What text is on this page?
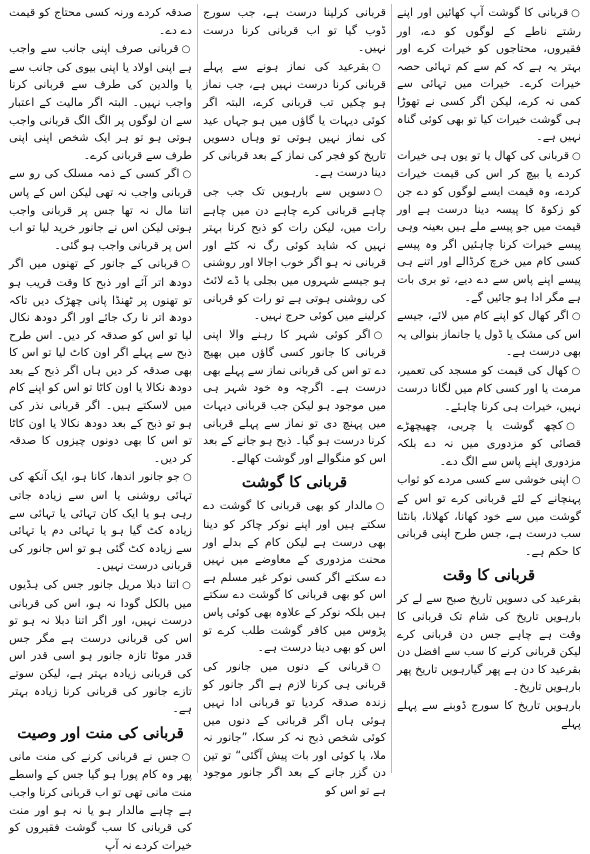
○قربانی کا گوشت آپ کھائیں اور اپنے رشتے ناطے کے لوگوں کو دے، اور فقیروں، محتاجوں کو خیرات کرے اور بہتر یہ ہے کہ کم سے کم تہائی حصہ خیرات کرے۔ خیرات میں تہائی سے کمی نہ کرے، لیکن اگر کسی نے تھوڑا ہی گوشت خیرات کیا تو بھی کوئی گناہ نہیں ہے۔

○قربانی کی کھال یا تو یوں ہی خیرات کردے یا بیچ کر اس کی قیمت خیرات کردے، وہ قیمت ایسے لوگوں کو دے جن کو زکوۃ کا پیسہ دینا درست ہے اور قیمت میں جو پیسے ملے ہیں بعینہ وہی پیسے خیرات کرنا چاہئیں اگر وہ پیسے کسی کام میں خرچ کرڈالے اور اتنے ہی پیسے اپنے پاس سے دے دیے، تو بری بات ہے مگر ادا ہو جائیں گے۔

○اگر کھال کو اپنے کام میں لائے، جیسے اس کی مشک یا ڈول یا جانماز بنوالی یہ بھی درست ہے۔

○کھال کی قیمت کو مسجد کی تعمیر، مرمت یا اور کسی کام میں لگانا درست نہیں، خیرات ہی کرنا چاہئے۔

○کچھ گوشت یا چربی، چھیچھڑے قصائی کو مزدوری میں نہ دے بلکہ مزدوری اپنے پاس سے الگ دے۔

○اپنی خوشی سے کسی مردے کو ثواب پہنچانے کے لئے قربانی کرے تو اس کے گوشت میں سے خود کھانا، کھلانا، بانٹنا سب درست ہے، جس طرح اپنی قربانی کا حکم ہے۔

قربانی کا وقت

بقرعید کی دسویں تاریخ صبح سے لے کر بارہویں تاریخ کی شام تک قربانی کا وقت ہے چاہے جس دن قربانی کرے لیکن قربانی کرنے کا سب سے افضل دن بقرعید کا دن ہے پھر گیارہویں تاریخ پھر بارہویں تاریخ۔

بارہویں تاریخ کا سورج ڈوبنے سے پہلے پہلے

قربانی کرلینا درست ہے، جب سورج ڈوب گیا تو اب قربانی کرنا درست نہیں۔

○بقرعید کی نماز ہونے سے پہلے قربانی کرنا درست نہیں ہے، جب نماز ہو چکیں تب قربانی کرے، البتہ اگر کوئی دیہات یا گاؤں میں ہو جہاں عید کی نماز نہیں ہوتی تو وہاں دسویں تاریخ کو فجر کی نماز کے بعد قربانی کر دینا درست ہے۔

○دسویں سے بارہویں تک جب جی چاہے قربانی کرے چاہے دن میں چاہے رات میں، لیکن رات کو ذبح کرنا بہتر نہیں کہ شاید کوئی رگ نہ کٹے اور قربانی نہ ہو اگر خوب اجالا اور روشنی ہو جیسے شہروں میں بجلی یا ڈے لائٹ کی روشنی ہوتی ہے تو رات کو قربانی کرلینے میں کوئی حرج نہیں۔

○اگر کوئی شہر کا رہنے والا اپنی قربانی کا جانور کسی گاؤں میں بھیج دے تو اس کی قربانی نماز سے پہلے بھی درست ہے۔ اگرچہ وہ خود شہر ہی میں موجود ہو لیکن جب قربانی دیہات میں پہنچ دی تو نماز سے پہلے قربانی کرنا درست ہو گیا۔ ذبح ہو جانے کے بعد اس کو منگوالے اور گوشت کھالے۔

قربانی کا گوشت

○مالدار کو بھی قربانی کا گوشت دے سکتے ہیں اور اپنے نوکر چاکر کو دینا بھی درست ہے لیکن کام کے بدلے اور محنت مزدوری کے معاوضے میں نہیں دے سکتے اگر کسی نوکر غیر مسلم ہے اس کو بھی قربانی کا گوشت دے سکتے ہیں بلکہ نوکر کے علاوہ بھی کوئی پاس پڑوس میں کافر گوشت طلب کرے تو اس کو بھی دینا درست ہے۔

○قربانی کے دنوں میں جانور کی قربانی ہی کرنا لازم ہے اگر جانور کو زندہ صدقہ کردیا تو قربانی ادا نہیں ہوئی ہاں اگر قربانی کے دنوں میں کوئی شخص ذبح نہ کر سکا، ”جانور نہ ملا، یا کوئی اور بات پیش آگئی“ تو تین دن گزر جانے کے بعد اگر جانور موجود ہے تو اس کو

صدقہ کردے ورنہ کسی محتاج کو قیمت دے دے۔

○قربانی صرف اپنی جانب سے واجب ہے اپنی اولاد یا اپنی بیوی کی جانب سے یا والدین کی طرف سے قربانی کرنا واجب نہیں۔ البتہ اگر مالیت کے اعتبار سے ان لوگوں پر الگ الگ قربانی واجب ہوتی ہو تو ہر ایک شخص اپنی اپنی طرف سے قربانی کرے۔

○اگر کسی کے ذمہ مسلک کی رو سے قربانی واجب نہ تھی لیکن اس کے پاس اتنا مال نہ تھا جس پر قربانی واجب ہوتی لیکن اس نے جانور خرید لیا تو اب اس پر قربانی واجب ہو گئی۔

○قربانی کے جانور کے تھنوں میں اگر دودھ اتر آئے اور ذبح کا وقت قریب ہو تو تھنوں پر ٹھنڈا پانی چھڑک دیں تاکہ دودھ اتر نا رک جائے اور اگر دودھ نکال لیا تو اس کو صدقہ کر دیں۔ اس طرح ذبح سے پہلے اگر اون کاٹ لیا تو اس کا بھی صدقہ کر دیں ہاں اگر ذبح کے بعد دودھ نکالا یا اون کاٹا تو اس کو اپنے کام میں لاسکتے ہیں۔ اگر قربانی نذر کی ہو تو ذبح کے بعد دودھ نکالا یا اون کاٹا تو اس کا بھی دونوں چیزوں کا صدقہ کر دیں۔

○جو جانور اندھا، کانا ہو، ایک آنکھ کی تہائی روشنی یا اس سے زیادہ جاتی رہی ہو یا ایک کان تہائی یا تہائی سے زیادہ کٹ گیا ہو یا تہائی دم یا تہائی سے زیادہ کٹ گئی ہو تو اس جانور کی قربانی درست نہیں۔

○اتنا دبلا مریل جانور جس کی ہڈیوں میں بالکل گودا نہ ہو، اس کی قربانی درست نہیں، اور اگر اتنا دبلا نہ ہو تو اس کی قربانی درست ہے مگر جس قدر موٹا تازہ جانور ہو اسی قدر اس کی قربانی زیادہ بہتر ہے، لیکن سوتے تازے جانور کی قربانی کرنا زیادہ بہتر ہے۔

قربانی کی منت اور وصیت

○جس نے قربانی کرنے کی منت مانی پھر وہ کام پورا ہو گیا جس کے واسطے منت مانی تھی تو اب قربانی کرنا واجب ہے چاہے مالدار ہو یا نہ ہو اور منت کی قربانی کا سب گوشت فقیروں کو خیرات کردے نہ آپ
